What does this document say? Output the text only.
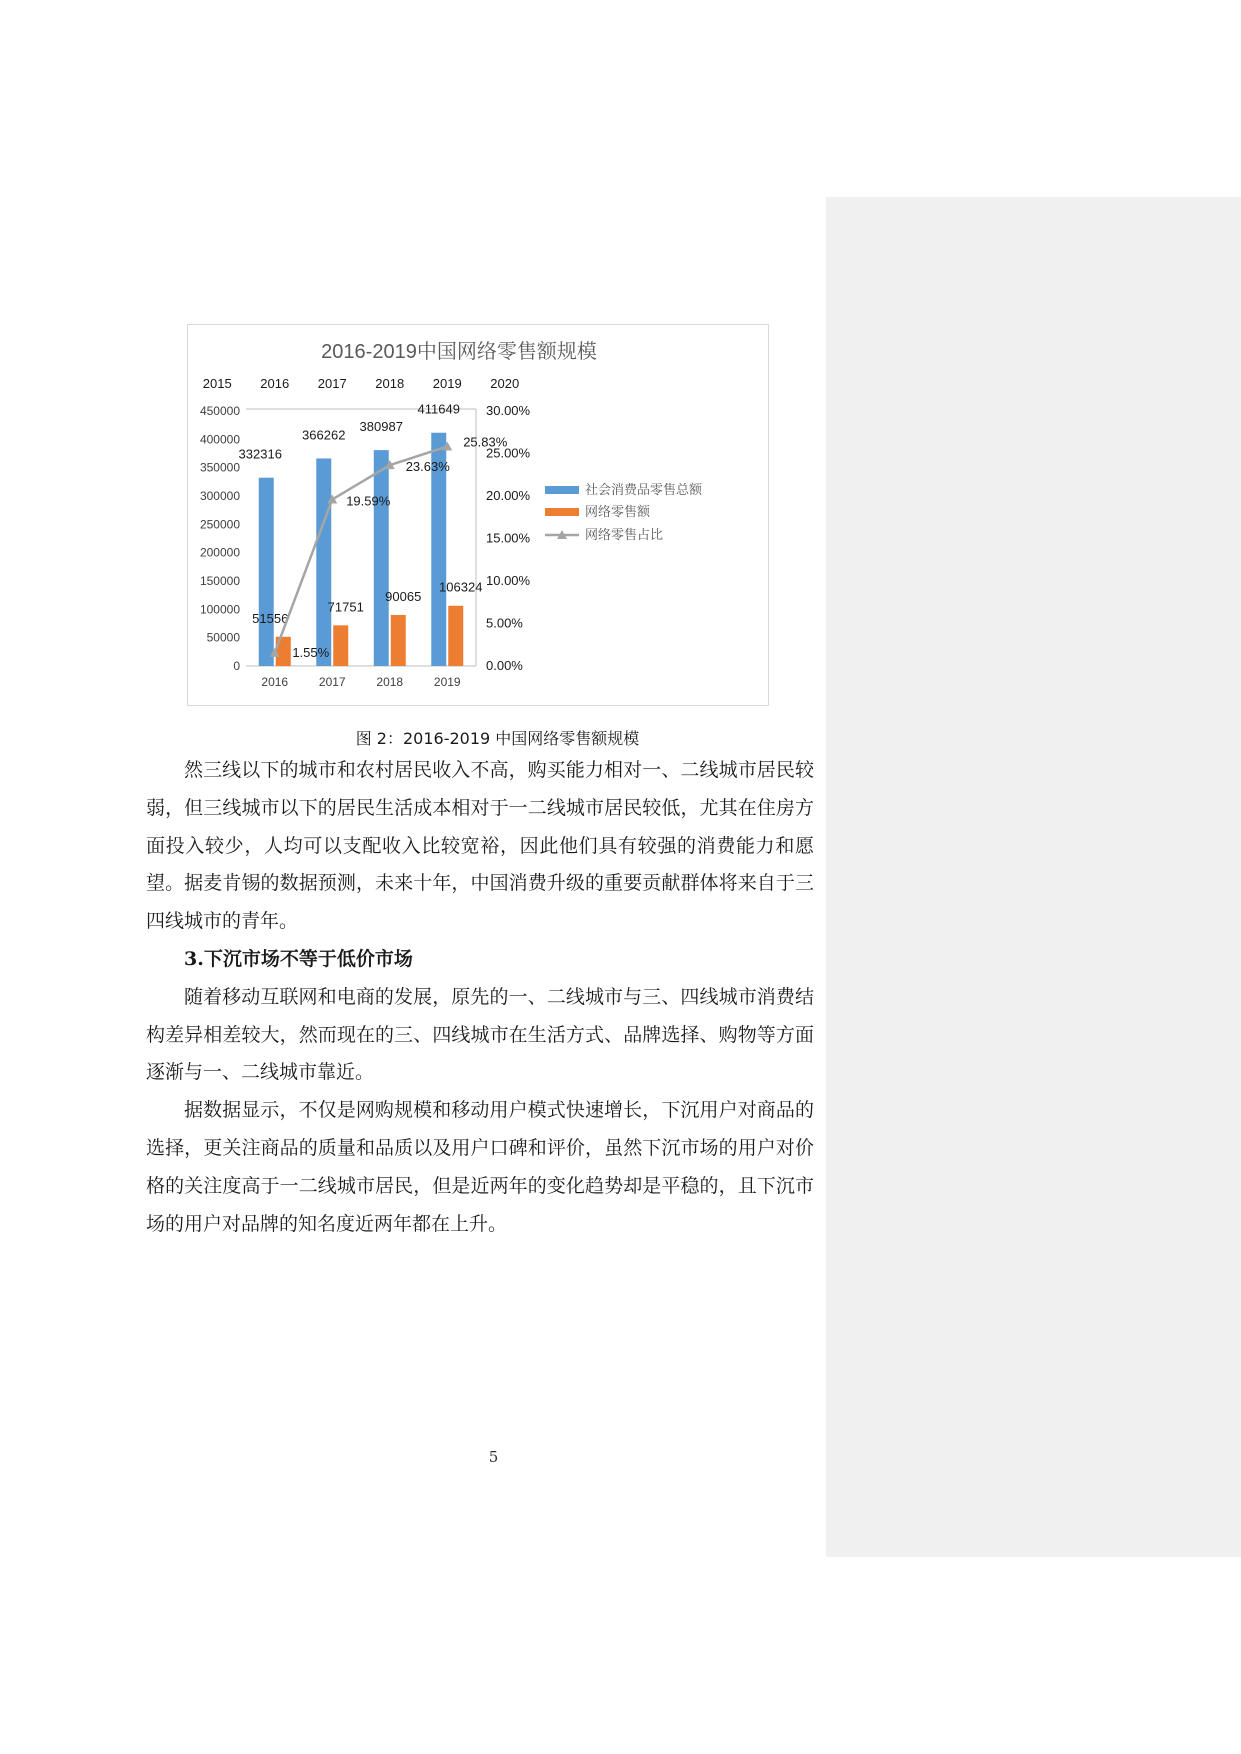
2016-2019中国网络零售额规模
2015 2016 2017 2018 2019 2020
450000
400000
350000
300000
250000
200000
150000
100000
50000
0
30.00%
25.00%
20.00%
15.00%
10.00%
5.00%
0.00%
332316
51556
2016
366262
71751
2017
380987
90065
2018
411649
106324
2019
1.55%
19.59%
23.63%
25.83%
社会消费品零售总额
网络零售额
网络零售占比
图 2：2016-2019 中国网络零售额规模

然三线以下的城市和农村居民收入不高，购买能力相对一、二线城市居民较弱，但三线城市以下的居民生活成本相对于一二线城市居民较低，尤其在住房方面投入较少，人均可以支配收入比较宽裕，因此他们具有较强的消费能力和愿望。据麦肯锡的数据预测，未来十年，中国消费升级的重要贡献群体将来自于三四线城市的青年。

3.下沉市场不等于低价市场

随着移动互联网和电商的发展，原先的一、二线城市与三、四线城市消费结构差异相差较大，然而现在的三、四线城市在生活方式、品牌选择、购物等方面逐渐与一、二线城市靠近。

据数据显示，不仅是网购规模和移动用户模式快速增长，下沉用户对商品的选择，更关注商品的质量和品质以及用户口碑和评价，虽然下沉市场的用户对价格的关注度高于一二线城市居民，但是近两年的变化趋势却是平稳的，且下沉市场的用户对品牌的知名度近两年都在上升。

5
